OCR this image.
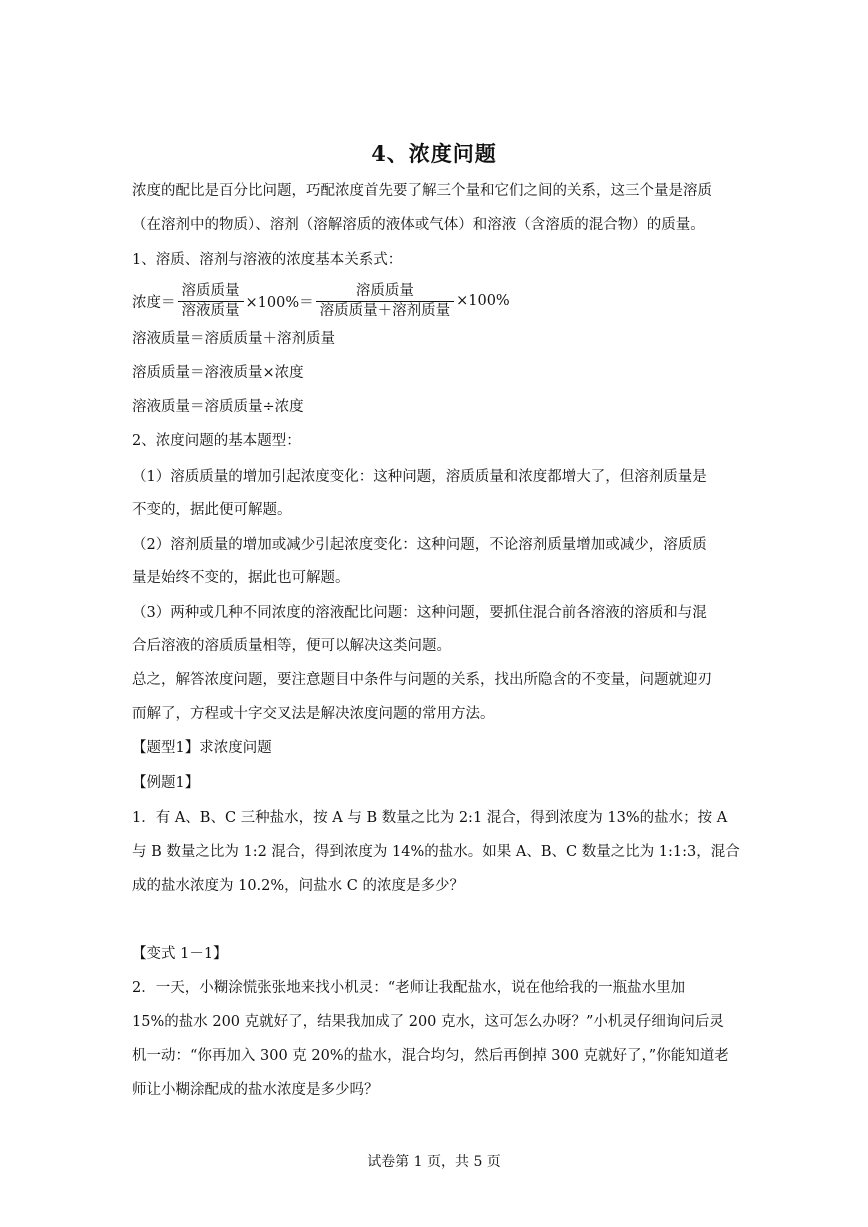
4、浓度问题
浓度的配比是百分比问题，巧配浓度首先要了解三个量和它们之间的关系，这三个量是溶质
（在溶剂中的物质）、溶剂（溶解溶质的液体或气体）和溶液（含溶质的混合物）的质量。
1、溶质、溶剂与溶液的浓度基本关系式：
浓度＝ $\frac{\text{溶质质量}}{\text{溶液质量}} \times 100\%= \frac{\text{溶质质量}}{\text{溶质质量＋溶剂质量}} \times 100\%$
溶液质量＝溶质质量＋溶剂质量
溶质质量＝溶液质量×浓度
溶液质量＝溶质质量÷浓度
2、浓度问题的基本题型：
（1）溶质质量的增加引起浓度变化：这种问题，溶质质量和浓度都增大了，但溶剂质量是
不变的，据此便可解题。
（2）溶剂质量的增加或减少引起浓度变化：这种问题，不论溶剂质量增加或减少，溶质质
量是始终不变的，据此也可解题。
（3）两种或几种不同浓度的溶液配比问题：这种问题，要抓住混合前各溶液的溶质和与混
合后溶液的溶质质量相等，便可以解决这类问题。
总之，解答浓度问题，要注意题目中条件与问题的关系，找出所隐含的不变量，问题就迎刃
而解了，方程或十字交叉法是解决浓度问题的常用方法。
【题型1】求浓度问题
【例题1】
1．有 A、B、C 三种盐水，按 A 与 B 数量之比为 2:1 混合，得到浓度为 13%的盐水；按 A
与 B 数量之比为 1:2 混合，得到浓度为 14%的盐水。如果 A、B、C 数量之比为 1:1:3，混合
成的盐水浓度为 10.2%，问盐水 C 的浓度是多少？
【变式 1－1】
2．一天，小糊涂慌张张地来找小机灵：“老师让我配盐水，说在他给我的一瓶盐水里加
15%的盐水 200 克就好了，结果我加成了 200 克水，这可怎么办呀？”小机灵仔细询问后灵
机一动：“你再加入 300 克 20%的盐水，混合均匀，然后再倒掉 300 克就好了，”你能知道老
师让小糊涂配成的盐水浓度是多少吗？
试卷第 1 页，共 5 页
